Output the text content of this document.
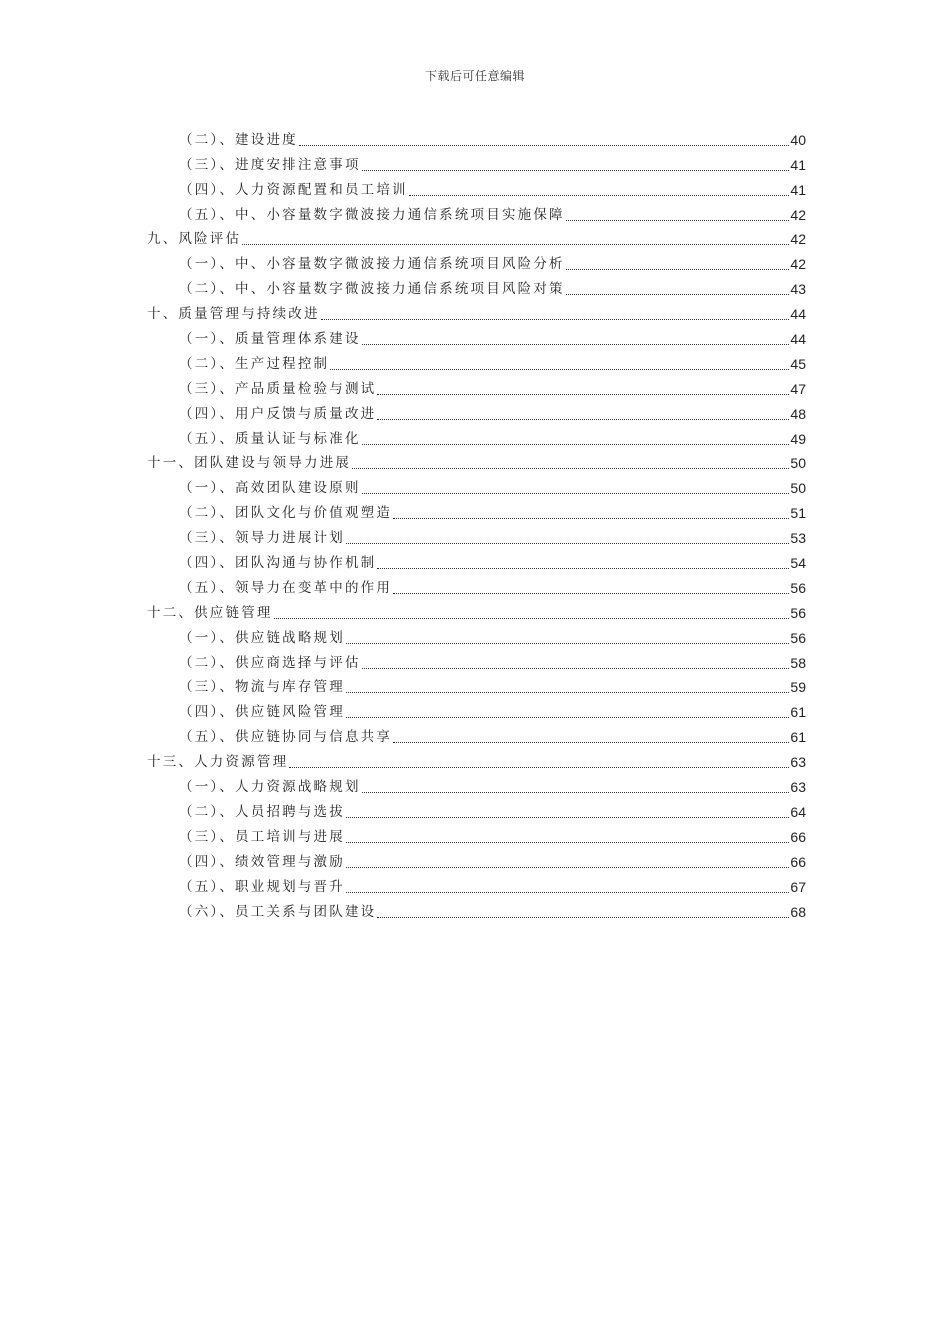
下载后可任意编辑
（二）、建设进度	40
（三）、进度安排注意事项	41
（四）、人力资源配置和员工培训	41
（五）、中、小容量数字微波接力通信系统项目实施保障	42
九、风险评估	42
（一）、中、小容量数字微波接力通信系统项目风险分析	42
（二）、中、小容量数字微波接力通信系统项目风险对策	43
十、质量管理与持续改进	44
（一）、质量管理体系建设	44
（二）、生产过程控制	45
（三）、产品质量检验与测试	47
（四）、用户反馈与质量改进	48
（五）、质量认证与标准化	49
十一、团队建设与领导力进展	50
（一）、高效团队建设原则	50
（二）、团队文化与价值观塑造	51
（三）、领导力进展计划	53
（四）、团队沟通与协作机制	54
（五）、领导力在变革中的作用	56
十二、供应链管理	56
（一）、供应链战略规划	56
（二）、供应商选择与评估	58
（三）、物流与库存管理	59
（四）、供应链风险管理	61
（五）、供应链协同与信息共享	61
十三、人力资源管理	63
（一）、人力资源战略规划	63
（二）、人员招聘与选拔	64
（三）、员工培训与进展	66
（四）、绩效管理与激励	66
（五）、职业规划与晋升	67
（六）、员工关系与团队建设	68
